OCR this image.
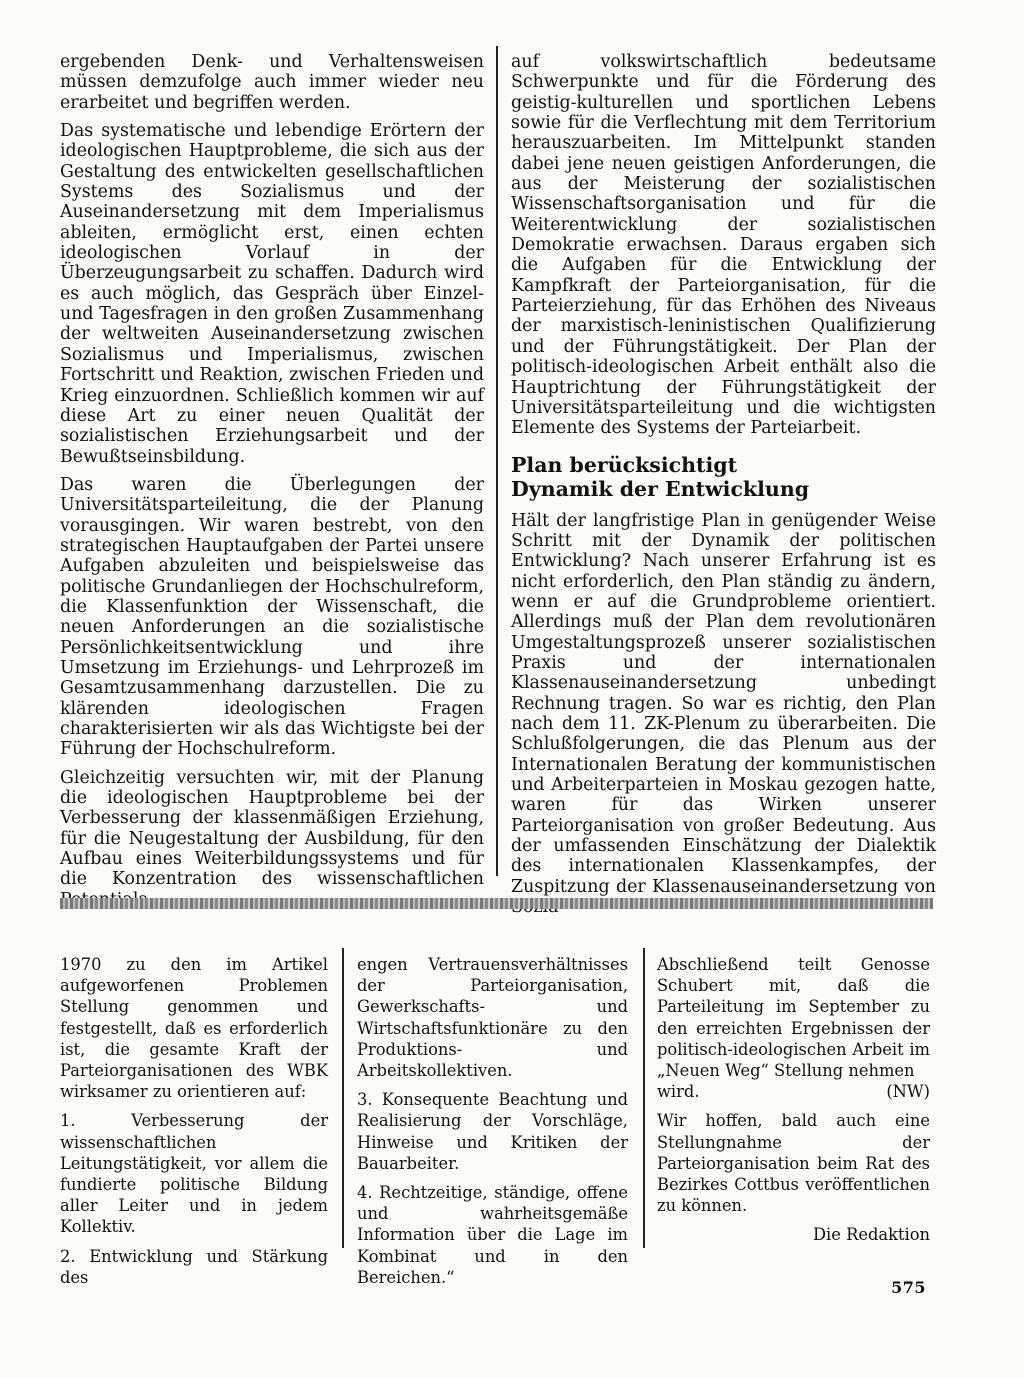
ergebenden Denk- und Verhaltensweisen müssen demzufolge auch immer wieder neu erarbeitet und begriffen werden.

Das systematische und lebendige Erörtern der ideologischen Hauptprobleme, die sich aus der Gestaltung des entwickelten gesellschaftlichen Systems des Sozialismus und der Auseinandersetzung mit dem Imperialismus ableiten, ermöglicht erst, einen echten ideologischen Vorlauf in der Überzeugungsarbeit zu schaffen. Dadurch wird es auch möglich, das Gespräch über Einzel- und Tagesfragen in den großen Zusammenhang der weltweiten Auseinandersetzung zwischen Sozialismus und Imperialismus, zwischen Fortschritt und Reaktion, zwischen Frieden und Krieg einzuordnen. Schließlich kommen wir auf diese Art zu einer neuen Qualität der sozialistischen Erziehungsarbeit und der Bewußtseinsbildung.

Das waren die Überlegungen der Universitätsparteileitung, die der Planung vorausgingen. Wir waren bestrebt, von den strategischen Hauptaufgaben der Partei unsere Aufgaben abzuleiten und beispielsweise das politische Grundanliegen der Hochschulreform, die Klassenfunktion der Wissenschaft, die neuen Anforderungen an die sozialistische Persönlichkeitsentwicklung und ihre Umsetzung im Erziehungs- und Lehrprozeß im Gesamtzusammenhang darzustellen. Die zu klärenden ideologischen Fragen charakterisierten wir als das Wichtigste bei der Führung der Hochschulreform.

Gleichzeitig versuchten wir, mit der Planung die ideologischen Hauptprobleme bei der Verbesserung der klassenmäßigen Erziehung, für die Neugestaltung der Ausbildung, für den Aufbau eines Weiterbildungssystems und für die Konzentration des wissenschaftlichen

auf volkswirtschaftlich bedeutsame Schwerpunkte und für die Förderung des geistig-kulturellen und sportlichen Lebens sowie für die Verflechtung mit dem Territorium herauszuarbeiten. Im Mittelpunkt standen dabei jene neuen geistigen Anforderungen, die aus der Meisterung der sozialistischen Wissenschaftsorganisation und für die Weiterentwicklung der sozialistischen Demokratie erwachsen. Daraus ergaben sich die Aufgaben für die Entwicklung der Kampfkraft der Parteiorganisation, für die Parteierziehung, für das Erhöhen des Niveaus der marxistisch-leninistischen Qualifizierung und der Führungstätigkeit. Der Plan der politisch-ideologischen Arbeit enthält also die Hauptrichtung der Führungstätigkeit der Universitätsparteileitung und die wichtigsten Elemente des Systems der Parteiarbeit.

Plan berücksichtigt
Dynamik der Entwicklung

Hält der langfristige Plan in genügender Weise Schritt mit der Dynamik der politischen Entwicklung? Nach unserer Erfahrung ist es nicht erforderlich, den Plan ständig zu ändern, wenn er auf die Grundprobleme orientiert. Allerdings muß der Plan dem revolutionären Umgestaltungsprozeß unserer sozialistischen Praxis und der internationalen Klassenauseinandersetzung unbedingt Rechnung tragen. So war es richtig, den Plan nach dem 11. ZK-Plenum zu überarbeiten. Die Schlußfolgerungen, die das Plenum aus der Internationalen Beratung der kommunistischen und Arbeiterparteien in Moskau gezogen hatte, waren für das Wirken unserer Parteiorganisation von großer Bedeutung. Aus der umfassenden Einschätzung der Dialektik des internationalen Klassenkampfes, der Zuspitzung der Klassenauseinandersetzung von

1970 zu den im Artikel aufgeworfenen Problemen Stellung genommen und festgestellt, daß es erforderlich ist, die gesamte Kraft der Parteiorganisationen des WBK wirksamer zu orientieren auf:

1. Verbesserung der wissenschaftlichen Leitungstätigkeit, vor allem die fundierte politische Bildung aller Leiter und in jedem Kollektiv.

2. Entwicklung und Stärkung des

engen Vertrauensverhältnisses der Parteiorganisation, Gewerkschafts- und Wirtschaftsfunktionäre zu den Produktions- und Arbeitskollektiven.

3. Konsequente Beachtung und Realisierung der Vorschläge, Hinweise und Kritiken der Bauarbeiter.

4. Rechtzeitige, ständige, offene und wahrheitsgemäße Information über die Lage im Kombinat und in den Bereichen.“

Abschließend teilt Genosse Schubert mit, daß die Parteileitung im September zu den erreichten Ergebnissen der politisch-ideologischen Arbeit im „Neuen Weg“ Stellung nehmen
wird.	(NW)

Wir hoffen, bald auch eine Stellungnahme der Parteiorganisation beim Rat des Bezirkes Cottbus veröffentlichen zu können.

Die Redaktion

575
